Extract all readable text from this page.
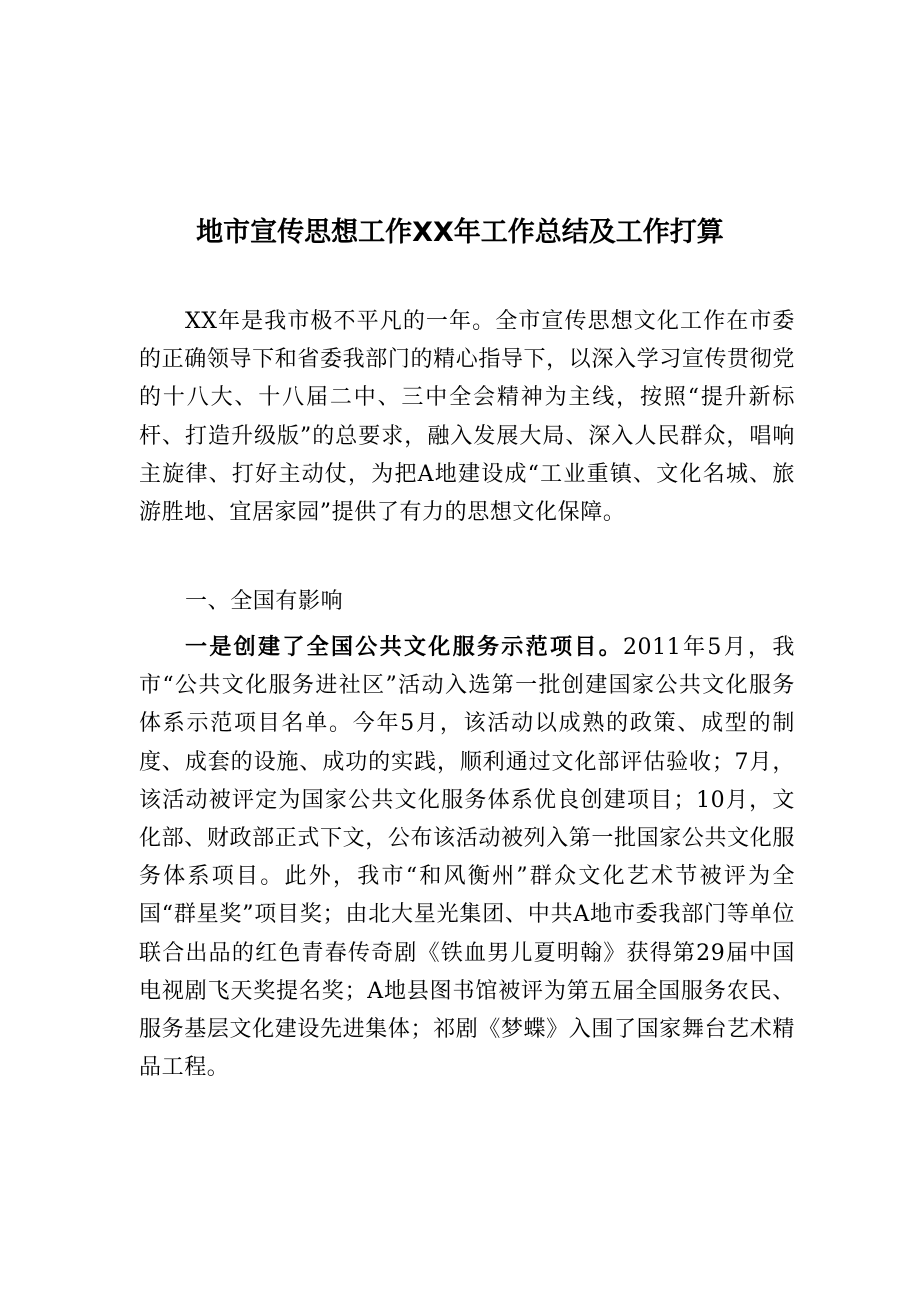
地市宣传思想工作XX年工作总结及工作打算

XX年是我市极不平凡的一年。全市宣传思想文化工作在市委的正确领导下和省委我部门的精心指导下，以深入学习宣传贯彻党的十八大、十八届二中、三中全会精神为主线，按照“提升新标杆、打造升级版”的总要求，融入发展大局、深入人民群众，唱响主旋律、打好主动仗，为把A地建设成“工业重镇、文化名城、旅游胜地、宜居家园”提供了有力的思想文化保障。

一、全国有影响

一是创建了全国公共文化服务示范项目。2011年5月，我市“公共文化服务进社区”活动入选第一批创建国家公共文化服务体系示范项目名单。今年5月，该活动以成熟的政策、成型的制度、成套的设施、成功的实践，顺利通过文化部评估验收；7月，该活动被评定为国家公共文化服务体系优良创建项目；10月，文化部、财政部正式下文，公布该活动被列入第一批国家公共文化服务体系项目。此外，我市“和风衡州”群众文化艺术节被评为全国“群星奖”项目奖；由北大星光集团、中共A地市委我部门等单位联合出品的红色青春传奇剧《铁血男儿夏明翰》获得第29届中国电视剧飞天奖提名奖；A地县图书馆被评为第五届全国服务农民、服务基层文化建设先进集体；祁剧《梦蝶》入围了国家舞台艺术精品工程。
